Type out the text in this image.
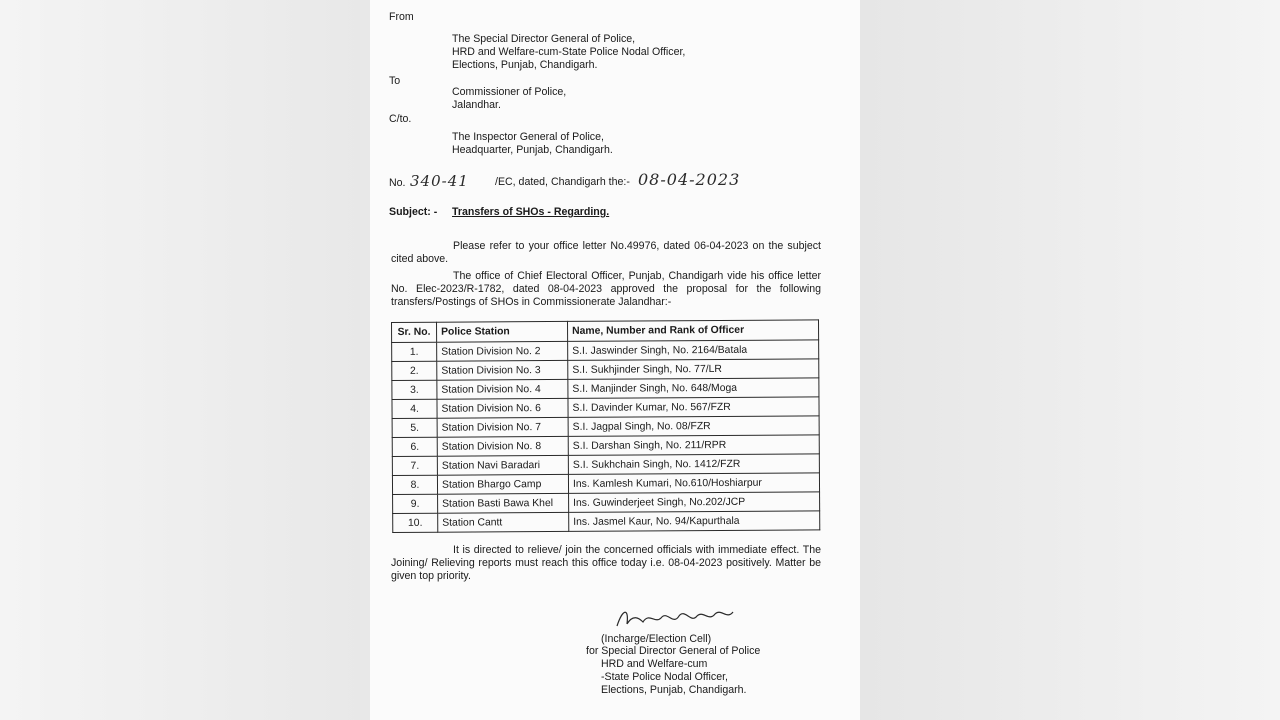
From
The Special Director General of Police,
HRD and Welfare-cum-State Police Nodal Officer,
Elections, Punjab, Chandigarh.
To
Commissioner of Police,
Jalandhar.
C/to.
The Inspector General of Police,
Headquarter, Punjab, Chandigarh.
No. 340-41 /EC, dated, Chandigarh the:- 08-04-2023
Subject: - Transfers of SHOs - Regarding.
Please refer to your office letter No.49976, dated 06-04-2023 on the subject cited above.
The office of Chief Electoral Officer, Punjab, Chandigarh vide his office letter No. Elec-2023/R-1782, dated 08-04-2023 approved the proposal for the following transfers/Postings of SHOs in Commissionerate Jalandhar:-
Sr. No.	Police Station	Name, Number and Rank of Officer
1.	Station Division No. 2	S.I. Jaswinder Singh, No. 2164/Batala
2.	Station Division No. 3	S.I. Sukhjinder Singh, No. 77/LR
3.	Station Division No. 4	S.I. Manjinder Singh, No. 648/Moga
4.	Station Division No. 6	S.I. Davinder Kumar, No. 567/FZR
5.	Station Division No. 7	S.I. Jagpal Singh, No. 08/FZR
6.	Station Division No. 8	S.I. Darshan Singh, No. 211/RPR
7.	Station Navi Baradari	S.I. Sukhchain Singh, No. 1412/FZR
8.	Station Bhargo Camp	Ins. Kamlesh Kumari, No.610/Hoshiarpur
9.	Station Basti Bawa Khel	Ins. Guwinderjeet Singh, No.202/JCP
10.	Station Cantt	Ins. Jasmel Kaur, No. 94/Kapurthala
It is directed to relieve/ join the concerned officials with immediate effect. The Joining/ Relieving reports must reach this office today i.e. 08-04-2023 positively. Matter be given top priority.
(Incharge/Election Cell)
for Special Director General of Police
HRD and Welfare-cum
-State Police Nodal Officer,
Elections, Punjab, Chandigarh.
